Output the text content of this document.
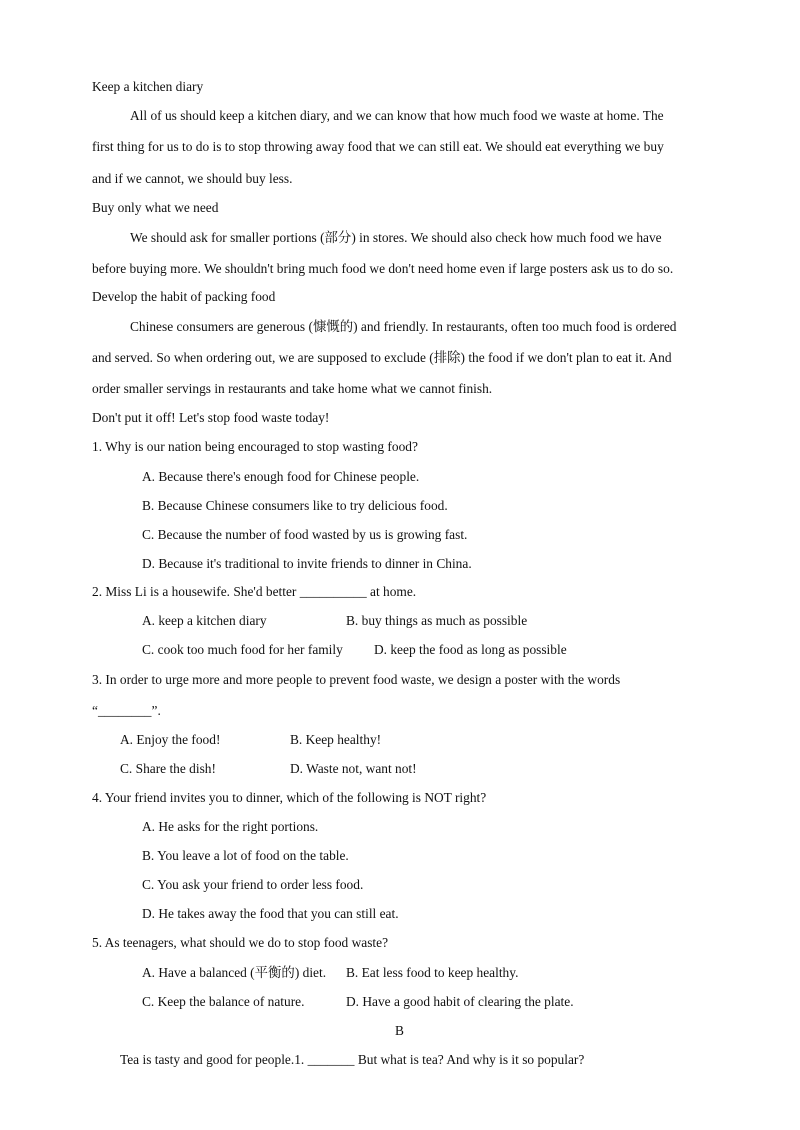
Keep a kitchen diary
All of us should keep a kitchen diary, and we can know that how much food we waste at home. The
first thing for us to do is to stop throwing away food that we can still eat. We should eat everything we buy
and if we cannot, we should buy less.
Buy only what we need
We should ask for smaller portions (部分) in stores. We should also check how much food we have
before buying more. We shouldn't bring much food we don't need home even if large posters ask us to do so.
Develop the habit of packing food
Chinese consumers are generous (慷慨的) and friendly. In restaurants, often too much food is ordered
and served. So when ordering out, we are supposed to exclude (排除) the food if we don't plan to eat it. And
order smaller servings in restaurants and take home what we cannot finish.
Don't put it off! Let's stop food waste today!
1. Why is our nation being encouraged to stop wasting food?
A. Because there's enough food for Chinese people.
B. Because Chinese consumers like to try delicious food.
C. Because the number of food wasted by us is growing fast.
D. Because it's traditional to invite friends to dinner in China.
2. Miss Li is a housewife. She'd better __________ at home.
A. keep a kitchen diary	B. buy things as much as possible
C. cook too much food for her family D. keep the food as long as possible
3. In order to urge more and more people to prevent food waste, we design a poster with the words
“________”.
A. Enjoy the food!	B. Keep healthy!
C. Share the dish!	D. Waste not, want not!
4. Your friend invites you to dinner, which of the following is NOT right?
A. He asks for the right portions.
B. You leave a lot of food on the table.
C. You ask your friend to order less food.
D. He takes away the food that you can still eat.
5. As teenagers, what should we do to stop food waste?
A. Have a balanced (平衡的) diet. B. Eat less food to keep healthy.
C. Keep the balance of nature.	D. Have a good habit of clearing the plate.
B
Tea is tasty and good for people.1. _______ But what is tea? And why is it so popular?
